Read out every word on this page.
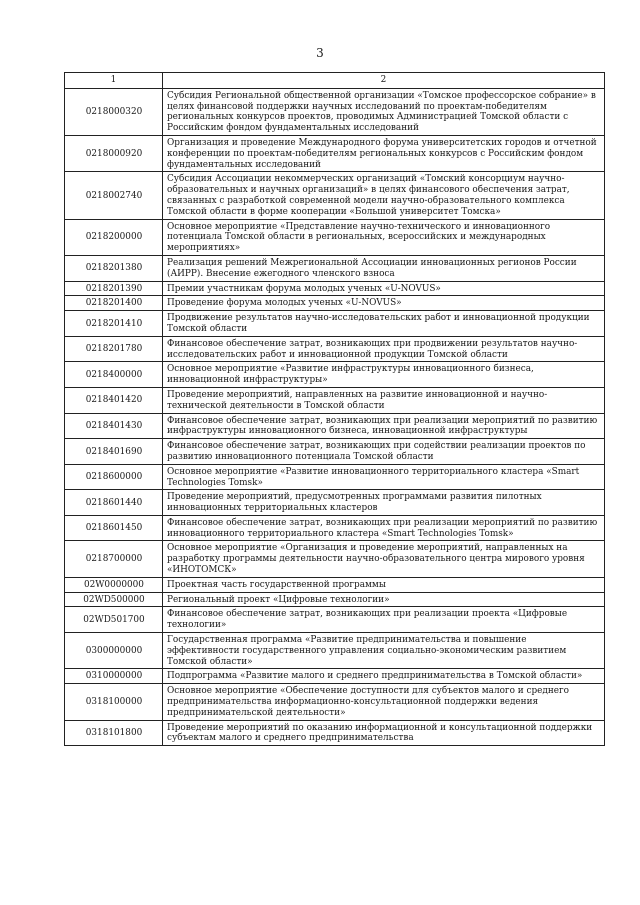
3
1	2
0218000320	Субсидия Региональной общественной организации «Томское профессорское собрание» в целях финансовой поддержки научных исследований по проектам-победителям региональных конкурсов проектов, проводимых Администрацией Томской области с Российским фондом фундаментальных исследований
0218000920	Организация и проведение Международного форума университетских городов и отчетной конференции по проектам-победителям региональных конкурсов с Российским фондом фундаментальных исследований
0218002740	Субсидия Ассоциации некоммерческих организаций «Томский консорциум научно-образовательных и научных организаций» в целях финансового обеспечения затрат, связанных с разработкой современной модели научно-образовательного комплекса Томской области в форме кооперации «Большой университет Томска»
0218200000	Основное мероприятие «Представление научно-технического и инновационного потенциала Томской области в региональных, всероссийских и международных мероприятиях»
0218201380	Реализация решений Межрегиональной Ассоциации инновационных регионов России (АИРР). Внесение ежегодного членского взноса
0218201390	Премии участникам форума молодых ученых «U-NOVUS»
0218201400	Проведение форума молодых ученых «U-NOVUS»
0218201410	Продвижение результатов научно-исследовательских работ и инновационной продукции Томской области
0218201780	Финансовое обеспечение затрат, возникающих при продвижении результатов научно-исследовательских работ и инновационной продукции Томской области
0218400000	Основное мероприятие «Развитие инфраструктуры инновационного бизнеса, инновационной инфраструктуры»
0218401420	Проведение мероприятий, направленных на развитие инновационной и научно-технической деятельности в Томской области
0218401430	Финансовое обеспечение затрат, возникающих при реализации мероприятий по развитию инфраструктуры инновационного бизнеса, инновационной инфраструктуры
0218401690	Финансовое обеспечение затрат, возникающих при содействии реализации проектов по развитию инновационного потенциала Томской области
0218600000	Основное мероприятие «Развитие инновационного территориального кластера «Smart Technologies Tomsk»
0218601440	Проведение мероприятий, предусмотренных программами развития пилотных инновационных территориальных кластеров
0218601450	Финансовое обеспечение затрат, возникающих при реализации мероприятий по развитию инновационного территориального кластера «Smart Technologies Tomsk»
0218700000	Основное мероприятие «Организация и проведение мероприятий, направленных на разработку программы деятельности научно-образовательного центра мирового уровня «ИНОТОМСК»
02W0000000	Проектная часть государственной программы
02WD500000	Региональный проект «Цифровые технологии»
02WD501700	Финансовое обеспечение затрат, возникающих при реализации проекта «Цифровые технологии»
0300000000	Государственная программа «Развитие предпринимательства и повышение эффективности государственного управления социально-экономическим развитием Томской области»
0310000000	Подпрограмма «Развитие малого и среднего предпринимательства в Томской области»
0318100000	Основное мероприятие «Обеспечение доступности для субъектов малого и среднего предпринимательства информационно-консультационной поддержки ведения предпринимательской деятельности»
0318101800	Проведение мероприятий по оказанию информационной и консультационной поддержки субъектам малого и среднего предпринимательства
